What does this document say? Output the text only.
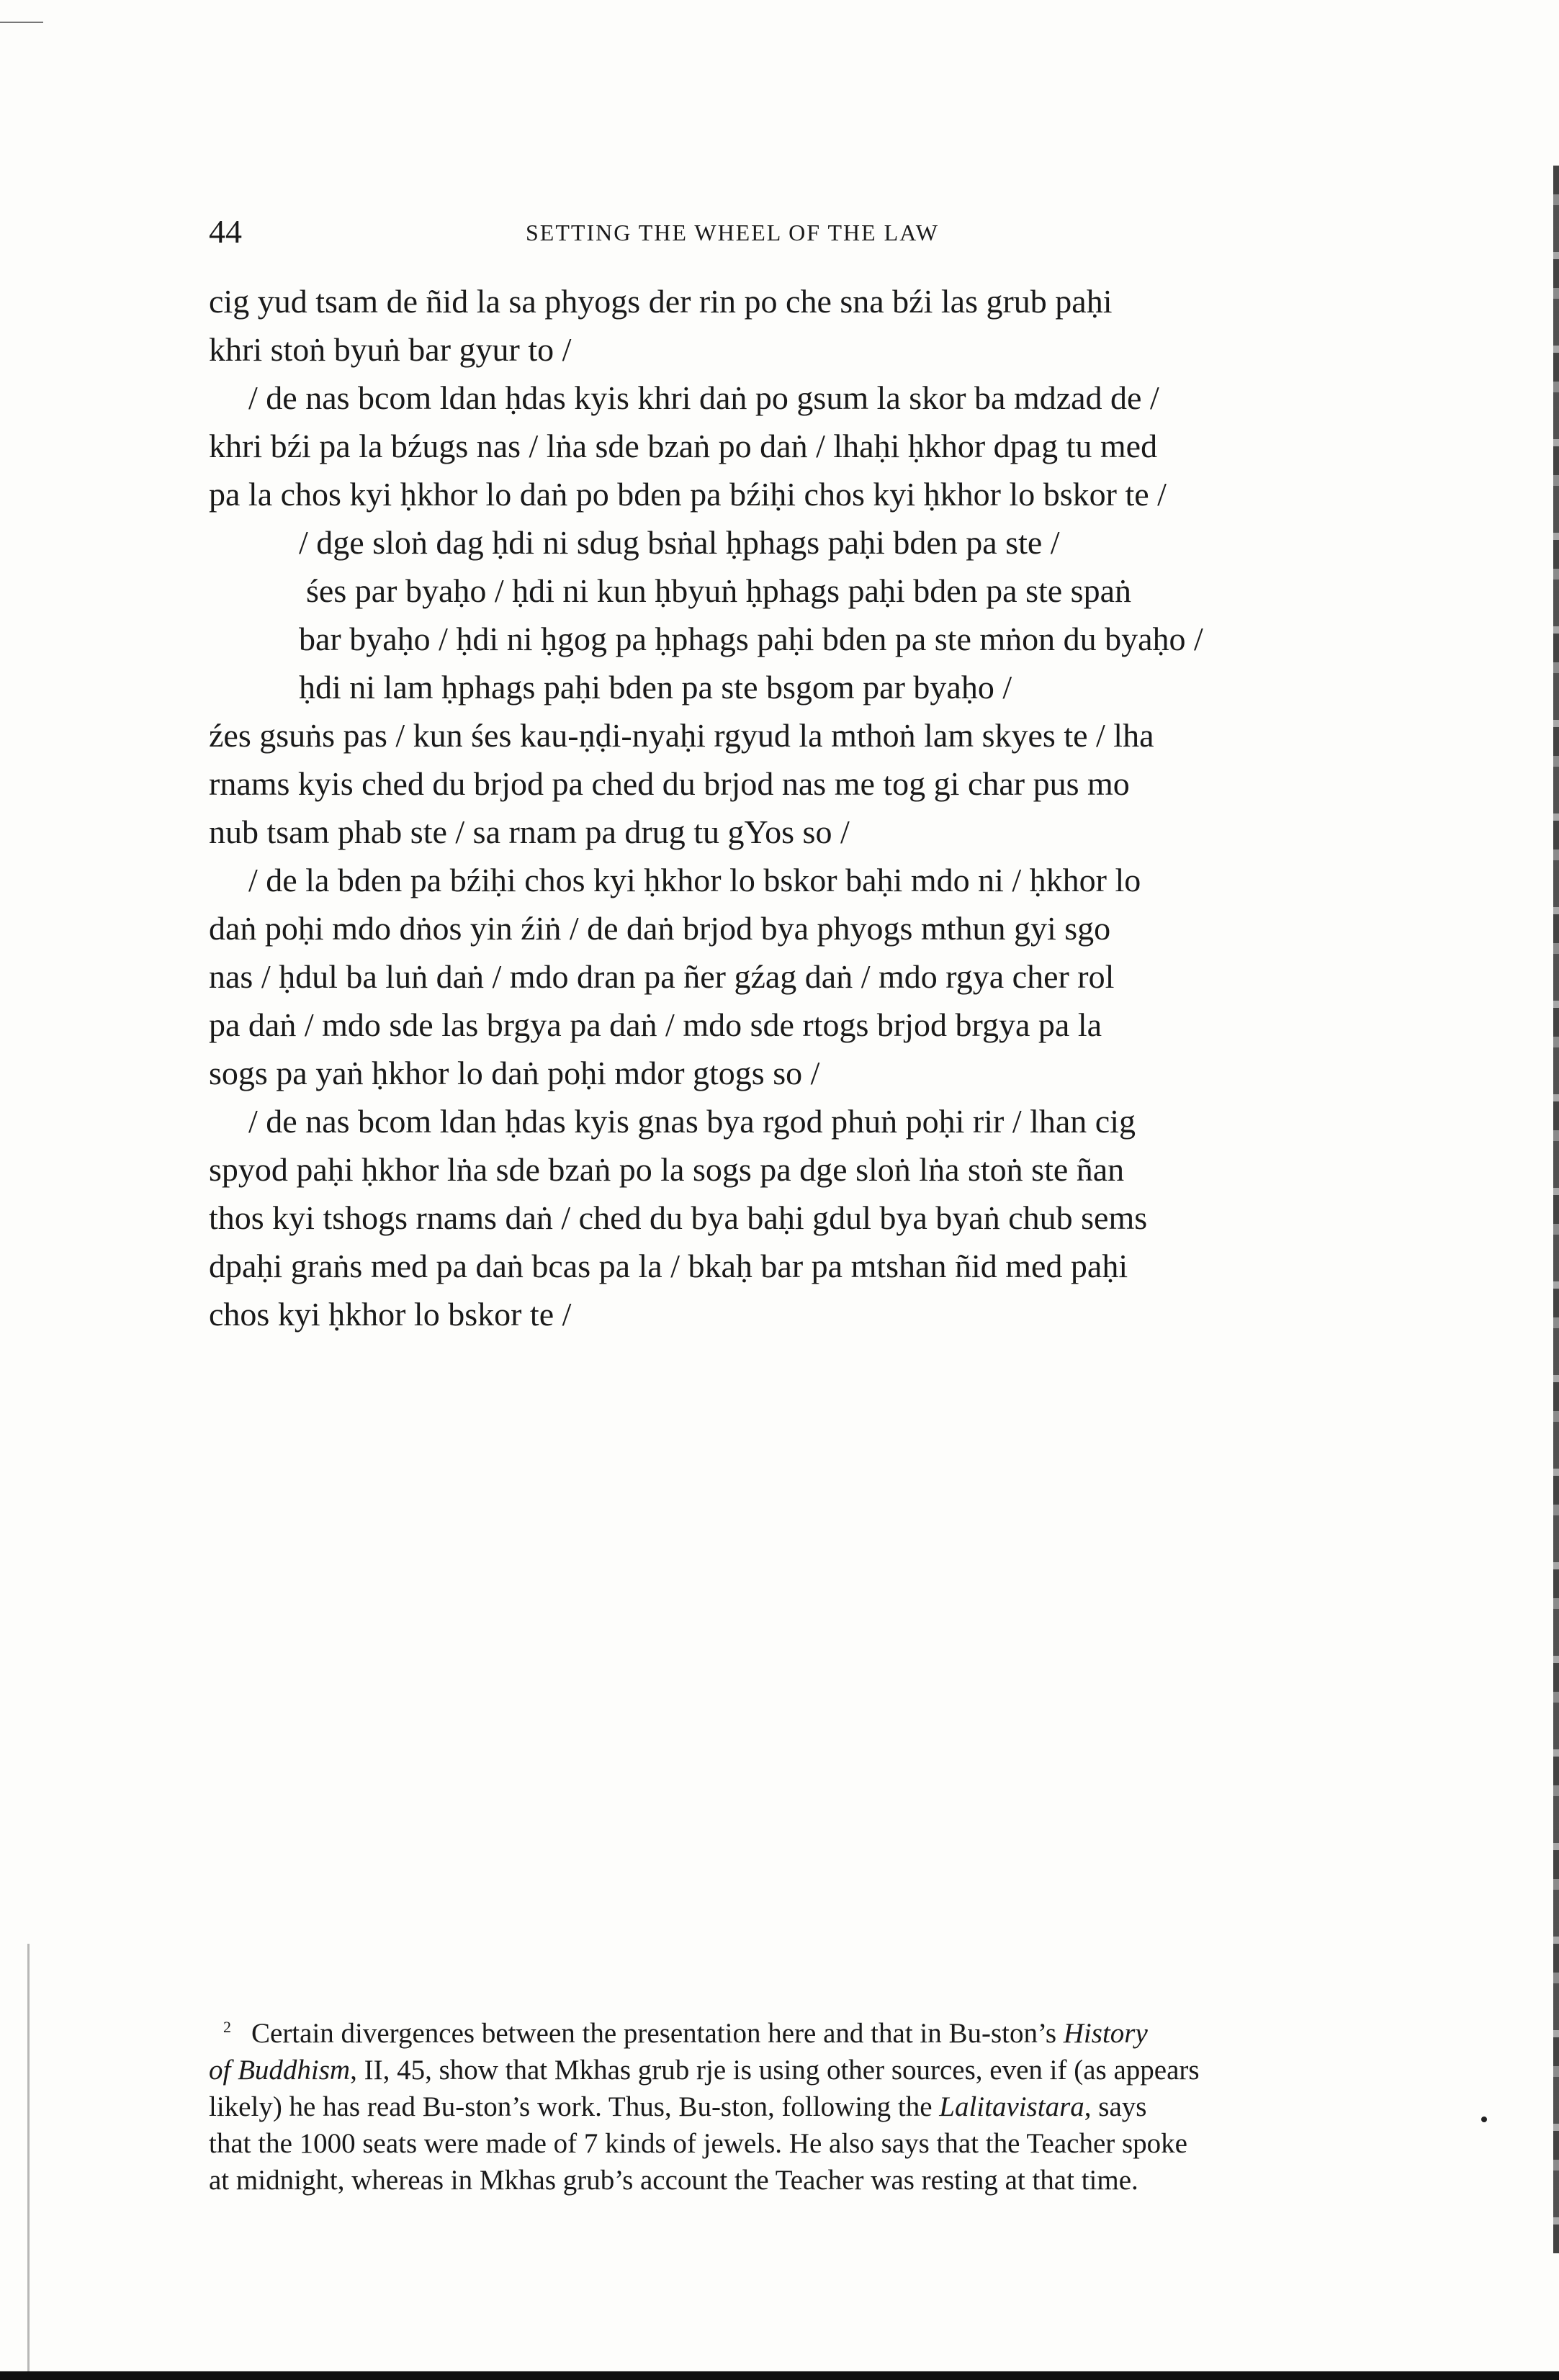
44	SETTING THE WHEEL OF THE LAW

cig yud tsam de ñid la sa phyogs der rin po che sna bźi las grub paḥi
khri stoṅ byuṅ bar gyur to /

/ de nas bcom ldan ḥdas kyis khri daṅ po gsum la skor ba mdzad de /
khri bźi pa la bźugs nas / lṅa sde bzaṅ po daṅ / lhaḥi ḥkhor dpag tu med
pa la chos kyi ḥkhor lo daṅ po bden pa bźiḥi chos kyi ḥkhor lo bskor te /

/ dge sloṅ dag ḥdi ni sdug bsṅal ḥphags paḥi bden pa ste /
śes par byaḥo / ḥdi ni kun ḥbyuṅ ḥphags paḥi bden pa ste spaṅ
bar byaḥo / ḥdi ni ḥgog pa ḥphags paḥi bden pa ste mṅon du byaḥo /
ḥdi ni lam ḥphags paḥi bden pa ste bsgom par byaḥo /

źes gsuṅs pas / kun śes kau-ṇḍi-nyaḥi rgyud la mthoṅ lam skyes te / lha
rnams kyis ched du brjod pa ched du brjod nas me tog gi char pus mo
nub tsam phab ste / sa rnam pa drug tu gYos so /

/ de la bden pa bźiḥi chos kyi ḥkhor lo bskor baḥi mdo ni / ḥkhor lo
daṅ poḥi mdo dṅos yin źiṅ / de daṅ brjod bya phyogs mthun gyi sgo
nas / ḥdul ba luṅ daṅ / mdo dran pa ñer gźag daṅ / mdo rgya cher rol
pa daṅ / mdo sde las brgya pa daṅ / mdo sde rtogs brjod brgya pa la
sogs pa yaṅ ḥkhor lo daṅ poḥi mdor gtogs so /

/ de nas bcom ldan ḥdas kyis gnas bya rgod phuṅ poḥi rir / lhan cig
spyod paḥi ḥkhor lṅa sde bzaṅ po la sogs pa dge sloṅ lṅa stoṅ ste ñan
thos kyi tshogs rnams daṅ / ched du bya baḥi gdul bya byaṅ chub sems
dpaḥi graṅs med pa daṅ bcas pa la / bkaḥ bar pa mtshan ñid med paḥi
chos kyi ḥkhor lo bskor te /

$^2$ Certain divergences between the presentation here and that in Bu-ston’s History
of Buddhism, II, 45, show that Mkhas grub rje is using other sources, even if (as appears
likely) he has read Bu-ston’s work. Thus, Bu-ston, following the Lalitavistara, says
that the 1000 seats were made of 7 kinds of jewels. He also says that the Teacher spoke
at midnight, whereas in Mkhas grub’s account the Teacher was resting at that time.
